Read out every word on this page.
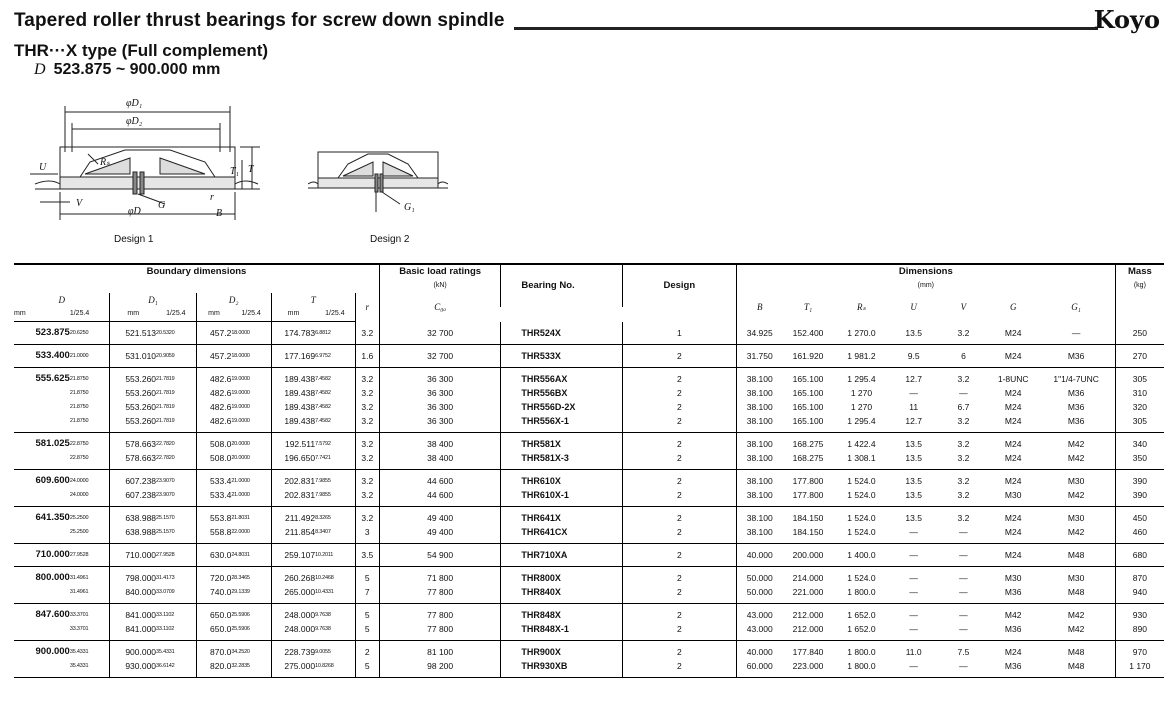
Tapered roller thrust bearings for screw down spindle	Koyo
THR···X type (Full complement)
D 523.875 ~ 900.000 mm
φD₁
φD₂
Rₛ
U
V
φD
G
T₁ T
r
B
Design 1
G₁
Design 2
Boundary dimensions									Basic load ratings	Bearing No.	Design	Dimensions							Mass
									(kN)			(mm)							(kg)
D		D₁		D₂		T		r	C₀ₐ			B	T₁	Rₛ	U	V	G	G₁	
mm	1/25.4	mm	1/25.4	mm	1/25.4	mm	1/25.4												
523.875	20.6250	521.513	20.5320	457.2	18.0000	174.783	6.8812	3.2	32 700	THR524X	1	34.925	152.400	1 270.0	13.5	3.2	M24	—	250
533.400	21.0000	531.010	20.9059	457.2	18.0000	177.169	6.9752	1.6	32 700	THR533X	2	31.750	161.920	1 981.2	9.5	6	M24	M36	270
555.625	21.8750	553.260	21.7819	482.6	19.0000	189.438	7.4582	3.2	36 300	THR556AX	2	38.100	165.100	1 295.4	12.7	3.2	1-8UNC	1"1/4-7UNC	305
	21.8750	553.260	21.7819	482.6	19.0000	189.438	7.4582	3.2	36 300	THR556BX	2	38.100	165.100	1 270	—	—	M24	M36	310
	21.8750	553.260	21.7819	482.6	19.0000	189.438	7.4582	3.2	36 300	THR556D-2X	2	38.100	165.100	1 270	11	6.7	M24	M36	320
	21.8750	553.260	21.7819	482.6	19.0000	189.438	7.4582	3.2	36 300	THR556X-1	2	38.100	165.100	1 295.4	12.7	3.2	M24	M36	305
581.025	22.8750	578.663	22.7820	508.0	20.0000	192.511	7.5792	3.2	38 400	THR581X	2	38.100	168.275	1 422.4	13.5	3.2	M24	M42	340
	22.8750	578.663	22.7820	508.0	20.0000	196.650	7.7421	3.2	38 400	THR581X-3	2	38.100	168.275	1 308.1	13.5	3.2	M24	M42	350
609.600	24.0000	607.238	23.9070	533.4	21.0000	202.831	7.9855	3.2	44 600	THR610X	2	38.100	177.800	1 524.0	13.5	3.2	M24	M30	390
	24.0000	607.238	23.9070	533.4	21.0000	202.831	7.9855	3.2	44 600	THR610X-1	2	38.100	177.800	1 524.0	13.5	3.2	M30	M42	390
641.350	25.2500	638.988	25.1570	553.8	21.8031	211.492	8.3265	3.2	49 400	THR641X	2	38.100	184.150	1 524.0	13.5	3.2	M24	M30	450
	25.2500	638.988	25.1570	558.8	22.0000	211.854	8.3407	3	49 400	THR641CX	2	38.100	184.150	1 524.0	—	—	M24	M42	460
710.000	27.9528	710.000	27.9528	630.0	24.8031	259.107	10.2011	3.5	54 900	THR710XA	2	40.000	200.000	1 400.0	—	—	M24	M48	680
800.000	31.4961	798.000	31.4173	720.0	28.3465	260.268	10.2468	5	71 800	THR800X	2	50.000	214.000	1 524.0	—	—	M30	M30	870
	31.4961	840.000	33.0709	740.0	29.1339	265.000	10.4331	7	77 800	THR840X	2	50.000	221.000	1 800.0	—	—	M36	M48	940
847.600	33.3701	841.000	33.1102	650.0	25.5906	248.000	9.7638	5	77 800	THR848X	2	43.000	212.000	1 652.0	—	—	M42	M42	930
	33.3701	841.000	33.1102	650.0	25.5906	248.000	9.7638	5	77 800	THR848X-1	2	43.000	212.000	1 652.0	—	—	M36	M42	890
900.000	35.4331	900.000	35.4331	870.0	34.2520	228.739	9.0055	2	81 100	THR900X	2	40.000	177.840	1 800.0	11.0	7.5	M24	M48	970
	35.4331	930.000	36.6142	820.0	32.2835	275.000	10.8268	5	98 200	THR930XB	2	60.000	223.000	1 800.0	—	—	M36	M48	1 170
